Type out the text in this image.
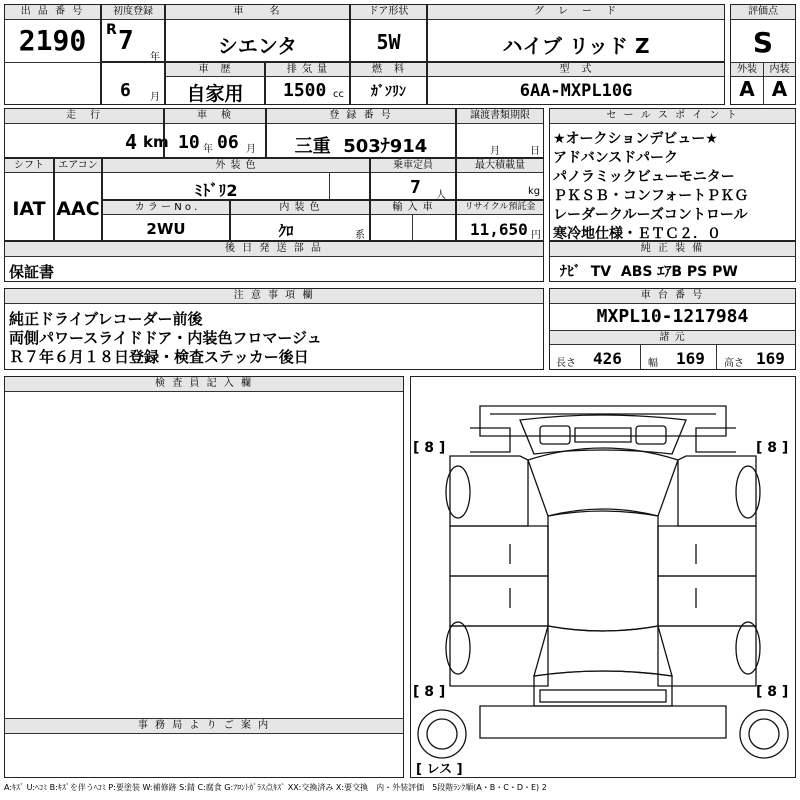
出 品 番 号
2190
初度登録
R 7
年
6 月
車　　名
シエンタ
ドア形状
5W
グ　レ　ー　ド
ハイブ リッド Z
車　歴
自家用
排 気 量
1500 cc
燃　料
ｶﾞｿﾘﾝ
型　式
6AA-MXPL10G
評価点
S
外装	内装
A A
走　行
4 km
車　検
10 年 06 月
登 録 番 号
三重  503ﾅ914
譲渡書類期限
月	日
セ ー ル ス ポ イ ン ト
★オークションデビュー★
アドバンスドパーク
パノラミックビューモニター
ＰＫＳＢ・コンフォートＰＫＧ
レーダークルーズコントロール
寒冷地仕様・ＥＴＣ２．０
シフト
IAT
エアコン
AAC
外 装 色
ﾐﾄﾞﾘ2
乗車定員
7 人
最大積載量
kg
カ ラ ー N o .
2WU
内 装 色
ｸﾛ	系
輸 入 車	リサイクル預託金
11,650 円
後 日 発 送 部 品
保証書
純 正 装 備
ﾅﾋﾞ  TV  ABS ｴｱB PS PW
注 意 事 項 欄
純正ドライブレコーダー前後
両側パワースライドドア・内装色フロマージュ
Ｒ７年６月１８日登録・検査ステッカー後日
車 台 番 号
MXPL10-1217984
諸 元
長さ 426	幅 169 高さ 169
検 査 員 記 入 欄
事 務 局 よ り ご 案 内
[ 8 ]	[ 8 ]
[ 8 ]	[ 8 ]
[ レス ]
A:ｷｽﾞ U:ﾍｺﾐ B:ｷｽﾞを伴うﾍｺﾐ P:要塗装 W:補修跡 S:錆 C:腐食 G:ﾌﾛﾝﾄｶﾞﾗｽ点ｷｽﾞ XX:交換済み X:要交換　内・外装評価　5段階ﾗﾝｸ順(A・B・C・D・E) 2
